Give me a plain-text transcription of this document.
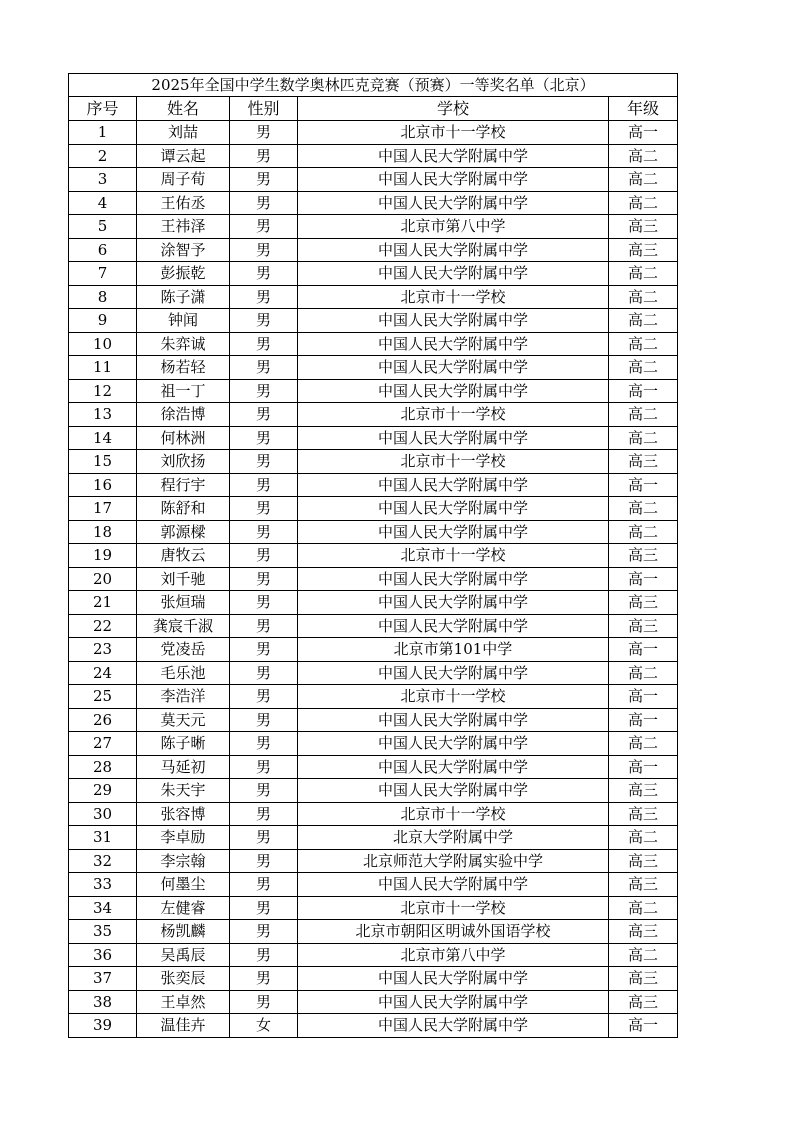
2025年全国中学生数学奥林匹克竞赛（预赛）一等奖名单（北京）				
序号	姓名	性别	学校	年级
1	刘喆	男	北京市十一学校	高一
2	谭云起	男	中国人民大学附属中学	高二
3	周子荀	男	中国人民大学附属中学	高二
4	王佑丞	男	中国人民大学附属中学	高二
5	王祎泽	男	北京市第八中学	高三
6	涂智予	男	中国人民大学附属中学	高三
7	彭振乾	男	中国人民大学附属中学	高二
8	陈子潇	男	北京市十一学校	高二
9	钟闻	男	中国人民大学附属中学	高二
10	朱弈诚	男	中国人民大学附属中学	高二
11	杨若轻	男	中国人民大学附属中学	高二
12	祖一丁	男	中国人民大学附属中学	高一
13	徐浩博	男	北京市十一学校	高二
14	何林洲	男	中国人民大学附属中学	高二
15	刘欣扬	男	北京市十一学校	高三
16	程行宇	男	中国人民大学附属中学	高一
17	陈舒和	男	中国人民大学附属中学	高二
18	郭源樑	男	中国人民大学附属中学	高二
19	唐牧云	男	北京市十一学校	高三
20	刘千驰	男	中国人民大学附属中学	高一
21	张烜瑞	男	中国人民大学附属中学	高三
22	龚宸千淑	男	中国人民大学附属中学	高三
23	党凌岳	男	北京市第101中学	高一
24	毛乐池	男	中国人民大学附属中学	高二
25	李浩洋	男	北京市十一学校	高一
26	莫天元	男	中国人民大学附属中学	高一
27	陈子晰	男	中国人民大学附属中学	高二
28	马延初	男	中国人民大学附属中学	高一
29	朱天宇	男	中国人民大学附属中学	高三
30	张容博	男	北京市十一学校	高三
31	李卓励	男	北京大学附属中学	高二
32	李宗翰	男	北京师范大学附属实验中学	高三
33	何墨尘	男	中国人民大学附属中学	高三
34	左健睿	男	北京市十一学校	高二
35	杨凯麟	男	北京市朝阳区明诚外国语学校	高三
36	吴禹辰	男	北京市第八中学	高二
37	张奕辰	男	中国人民大学附属中学	高三
38	王卓然	男	中国人民大学附属中学	高三
39	温佳卉	女	中国人民大学附属中学	高一
